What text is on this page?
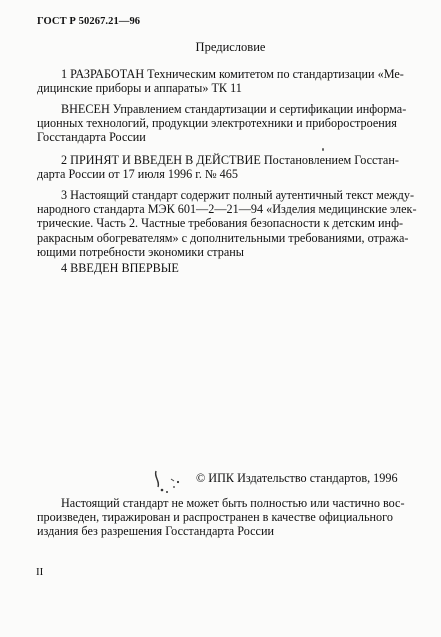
ГОСТ Р 50267.21—96
Предисловие
1 РАЗРАБОТАН Техническим комитетом по стандартизации «Ме-
дицинские приборы и аппараты» ТК 11
ВНЕСЕН Управлением стандартизации и сертификации информа-
ционных технологий, продукции электротехники и приборостроения
Госстандарта России
2 ПРИНЯТ И ВВЕДЕН В ДЕЙСТВИЕ Постановлением Госстан-
дарта России от 17 июля 1996 г. № 465
3 Настоящий стандарт содержит полный аутентичный текст между-
народного стандарта МЭК 601—2—21—94 «Изделия медицинские элек-
трические. Часть 2. Частные требования безопасности к детским инф-
ракрасным обогревателям» с дополнительными требованиями, отража-
ющими потребности экономики страны
4 ВВЕДЕН ВПЕРВЫЕ
© ИПК Издательство стандартов, 1996
Настоящий стандарт не может быть полностью или частично вос-
произведен, тиражирован и распространен в качестве официального
издания без разрешения Госстандарта России
II
